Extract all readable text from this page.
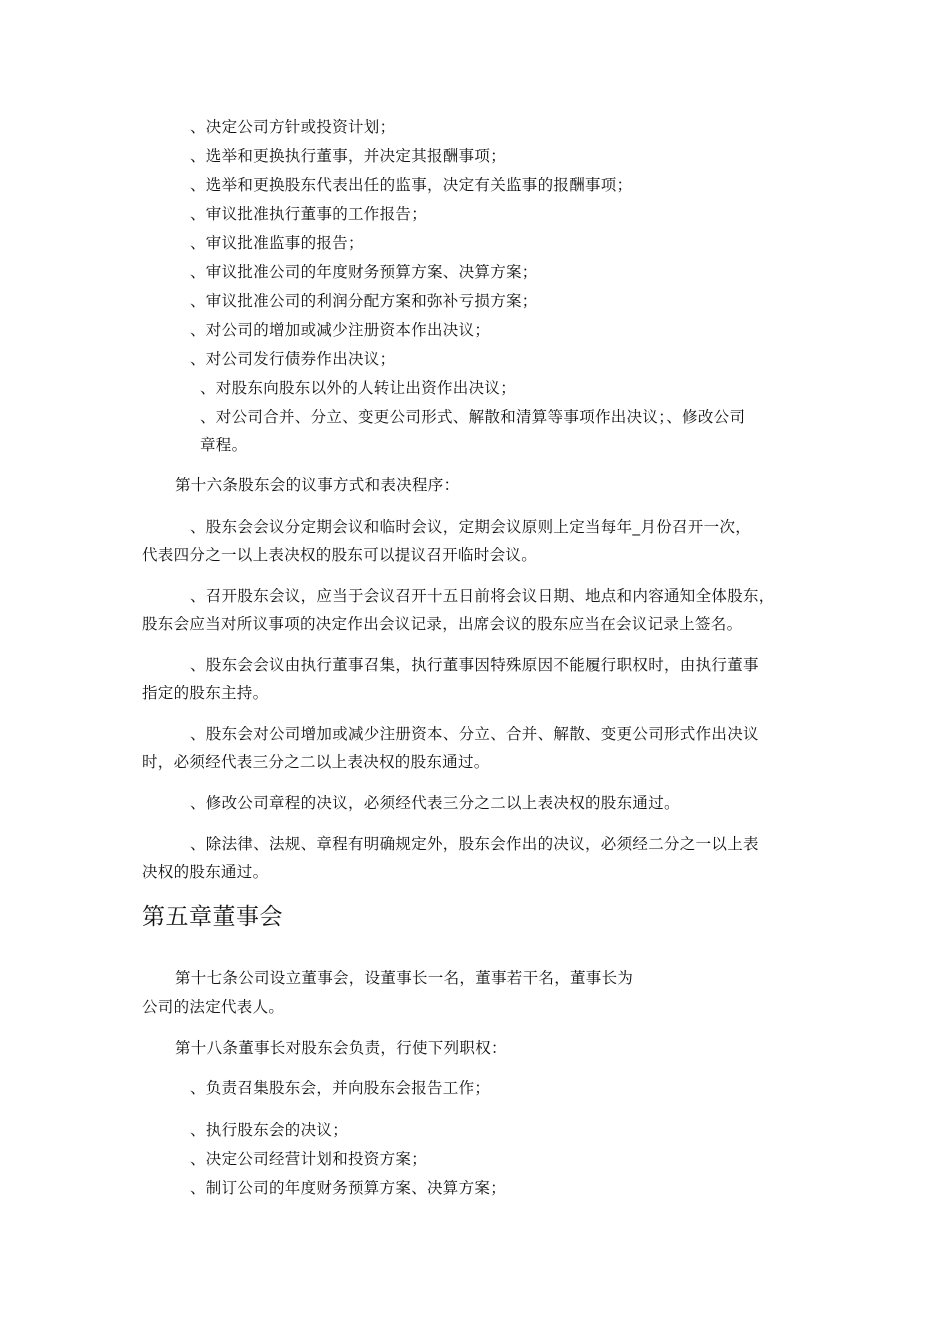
、决定公司方针或投资计划；
、选举和更换执行董事，并决定其报酬事项；
、选举和更换股东代表出任的监事，决定有关监事的报酬事项；
、审议批准执行董事的工作报告；
、审议批准监事的报告；
、审议批准公司的年度财务预算方案、决算方案；
、审议批准公司的利润分配方案和弥补亏损方案；
、对公司的增加或减少注册资本作出决议；
、对公司发行债券作出决议；
、对股东向股东以外的人转让出资作出决议；
、对公司合并、分立、变更公司形式、解散和清算等事项作出决议；、修改公司
章程。
第十六条股东会的议事方式和表决程序：
、股东会会议分定期会议和临时会议，定期会议原则上定当每年_月份召开一次，
代表四分之一以上表决权的股东可以提议召开临时会议。
、召开股东会议，应当于会议召开十五日前将会议日期、地点和内容通知全体股东，
股东会应当对所议事项的决定作出会议记录，出席会议的股东应当在会议记录上签名。
、股东会会议由执行董事召集，执行董事因特殊原因不能履行职权时，由执行董事
指定的股东主持。
、股东会对公司增加或减少注册资本、分立、合并、解散、变更公司形式作出决议
时，必须经代表三分之二以上表决权的股东通过。
、修改公司章程的决议，必须经代表三分之二以上表决权的股东通过。
、除法律、法规、章程有明确规定外，股东会作出的决议，必须经二分之一以上表
决权的股东通过。
第五章董事会
第十七条公司设立董事会，设董事长一名，董事若干名，董事长为
公司的法定代表人。
第十八条董事长对股东会负责，行使下列职权：
、负责召集股东会，并向股东会报告工作；
、执行股东会的决议；
、决定公司经营计划和投资方案；
、制订公司的年度财务预算方案、决算方案；
